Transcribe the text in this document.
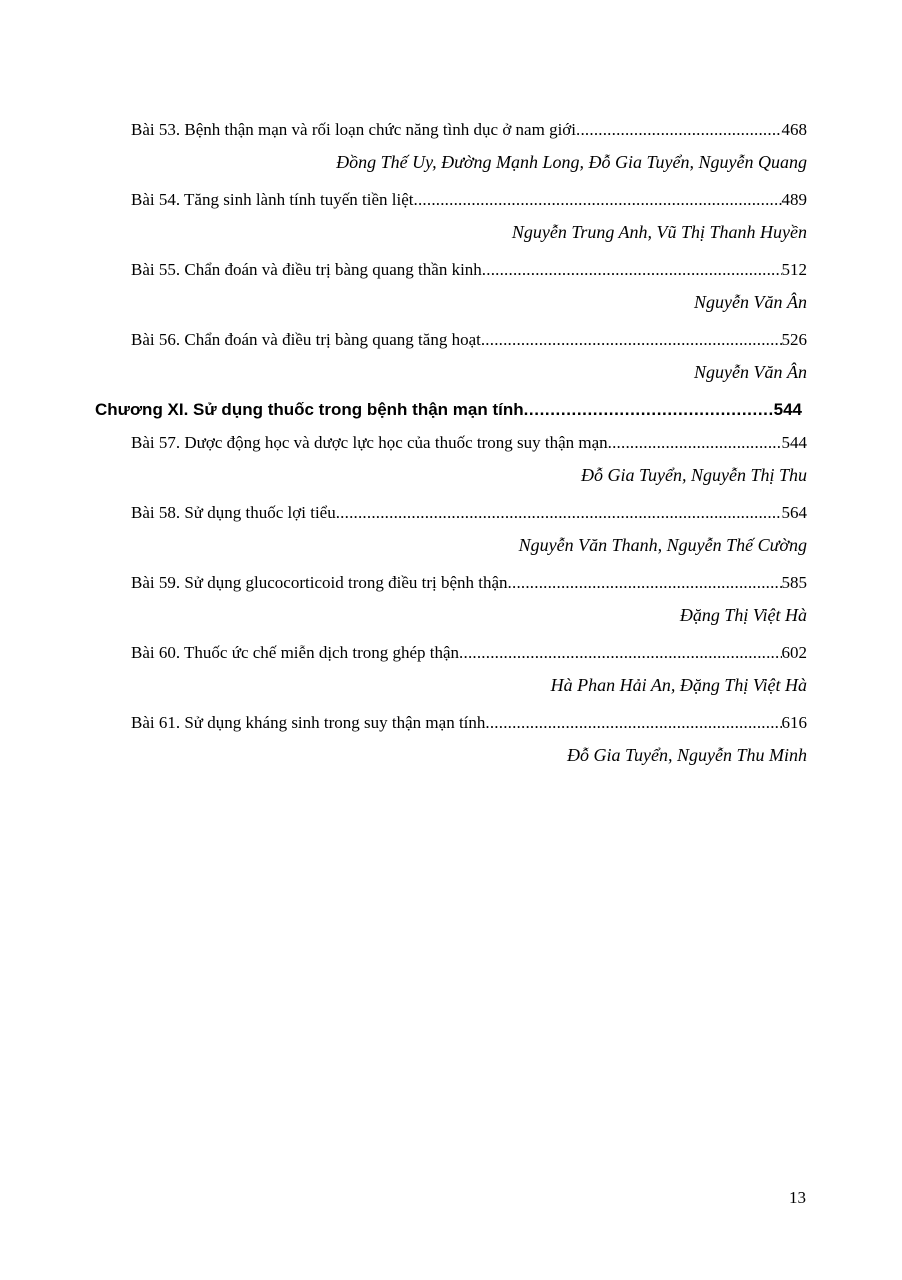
Bài 53. Bệnh thận mạn và rối loạn chức năng tình dục ở nam giới .....	468
Đồng Thế Uy, Đường Mạnh Long, Đỗ Gia Tuyển, Nguyễn Quang
Bài 54. Tăng sinh lành tính tuyến tiền liệt .....	489
Nguyễn Trung Anh, Vũ Thị Thanh Huyền
Bài 55. Chẩn đoán và điều trị bàng quang thần kinh .....	512
Nguyễn Văn Ân
Bài 56. Chẩn đoán và điều trị bàng quang tăng hoạt .....	526
Nguyễn Văn Ân
Chương XI. Sử dụng thuốc trong bệnh thận mạn tính .....	544
Bài 57. Dược động học và dược lực học của thuốc trong suy thận mạn .....	544
Đỗ Gia Tuyển, Nguyễn Thị Thu
Bài 58. Sử dụng thuốc lợi tiểu .....	564
Nguyễn Văn Thanh, Nguyễn Thế Cường
Bài 59. Sử dụng glucocorticoid trong điều trị bệnh thận .....	585
Đặng Thị Việt Hà
Bài 60. Thuốc ức chế miễn dịch trong ghép thận .....	602
Hà Phan Hải An, Đặng Thị Việt Hà
Bài 61. Sử dụng kháng sinh trong suy thận mạn tính .....	616
Đỗ Gia Tuyển, Nguyễn Thu Minh
13
